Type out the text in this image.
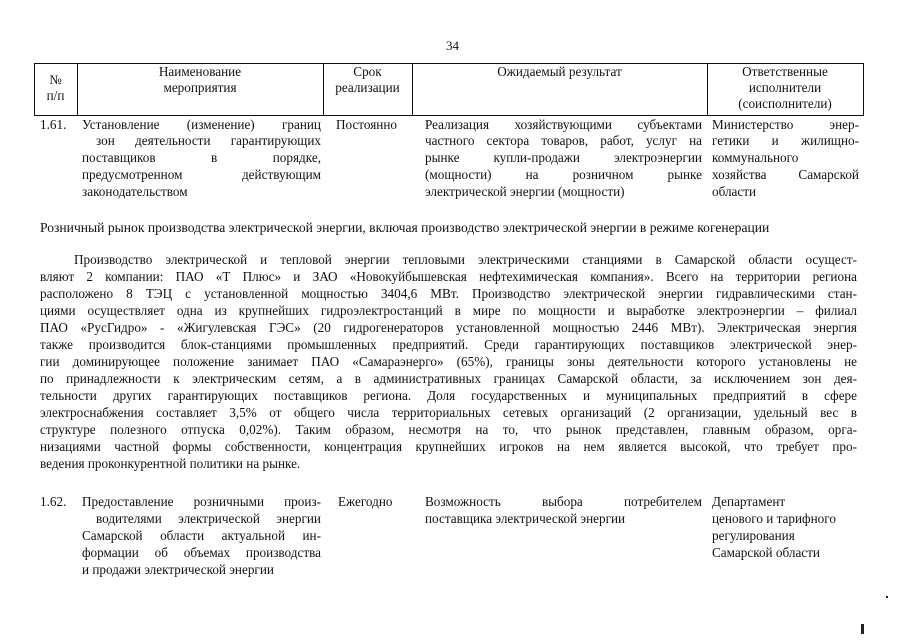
34
№
п/п
Наименование
мероприятия
Срок
реализации
Ожидаемый результат	Ответственные
исполнители
(соисполнители)
1.61. Установление (изменение) границ
зон деятельности гарантирующих
поставщиков в порядке,
предусмотренном действующим
законодательством
Постоянно Реализация хозяйствующими субъектами
частного сектора товаров, работ, услуг на
рынке купли-продажи электроэнергии
(мощности) на розничном рынке
электрической энергии (мощности)
Министерство энер-
гетики и жилищно-
коммунального
хозяйства Самарской
области
Розничный рынок производства электрической энергии, включая производство электрической энергии в режиме когенерации
Производство электрической и тепловой энергии тепловыми электрическими станциями в Самарской области осущест-
вляют 2 компании: ПАО «Т Плюс» и ЗАО «Новокуйбышевская нефтехимическая компания». Всего на территории региона
расположено 8 ТЭЦ с установленной мощностью 3404,6 МВт. Производство электрической энергии гидравлическими стан-
циями осуществляет одна из крупнейших гидроэлектростанций в мире по мощности и выработке электроэнергии – филиал
ПАО «РусГидро» - «Жигулевская ГЭС» (20 гидрогенераторов установленной мощностью 2446 МВт). Электрическая энергия
также производится блок-станциями промышленных предприятий. Среди гарантирующих поставщиков электрической энер-
гии доминирующее положение занимает ПАО «Самараэнерго» (65%), границы зоны деятельности которого установлены не
по принадлежности к электрическим сетям, а в административных границах Самарской области, за исключением зон дея-
тельности других гарантирующих поставщиков региона. Доля государственных и муниципальных предприятий в сфере
электроснабжения составляет 3,5% от общего числа территориальных сетевых организаций (2 организации, удельный вес в
структуре полезного отпуска 0,02%). Таким образом, несмотря на то, что рынок представлен, главным образом, орга-
низациями частной формы собственности, концентрация крупнейших игроков на нем является высокой, что требует про-
ведения проконкурентной политики на рынке.
1.62. Предоставление розничными произ-
водителями электрической энергии
Самарской области актуальной ин-
формации об объемах производства
и продажи электрической энергии
Ежегодно Возможность выбора потребителем
поставщика электрической энергии
Департамент
ценового и тарифного
регулирования
Самарской области
